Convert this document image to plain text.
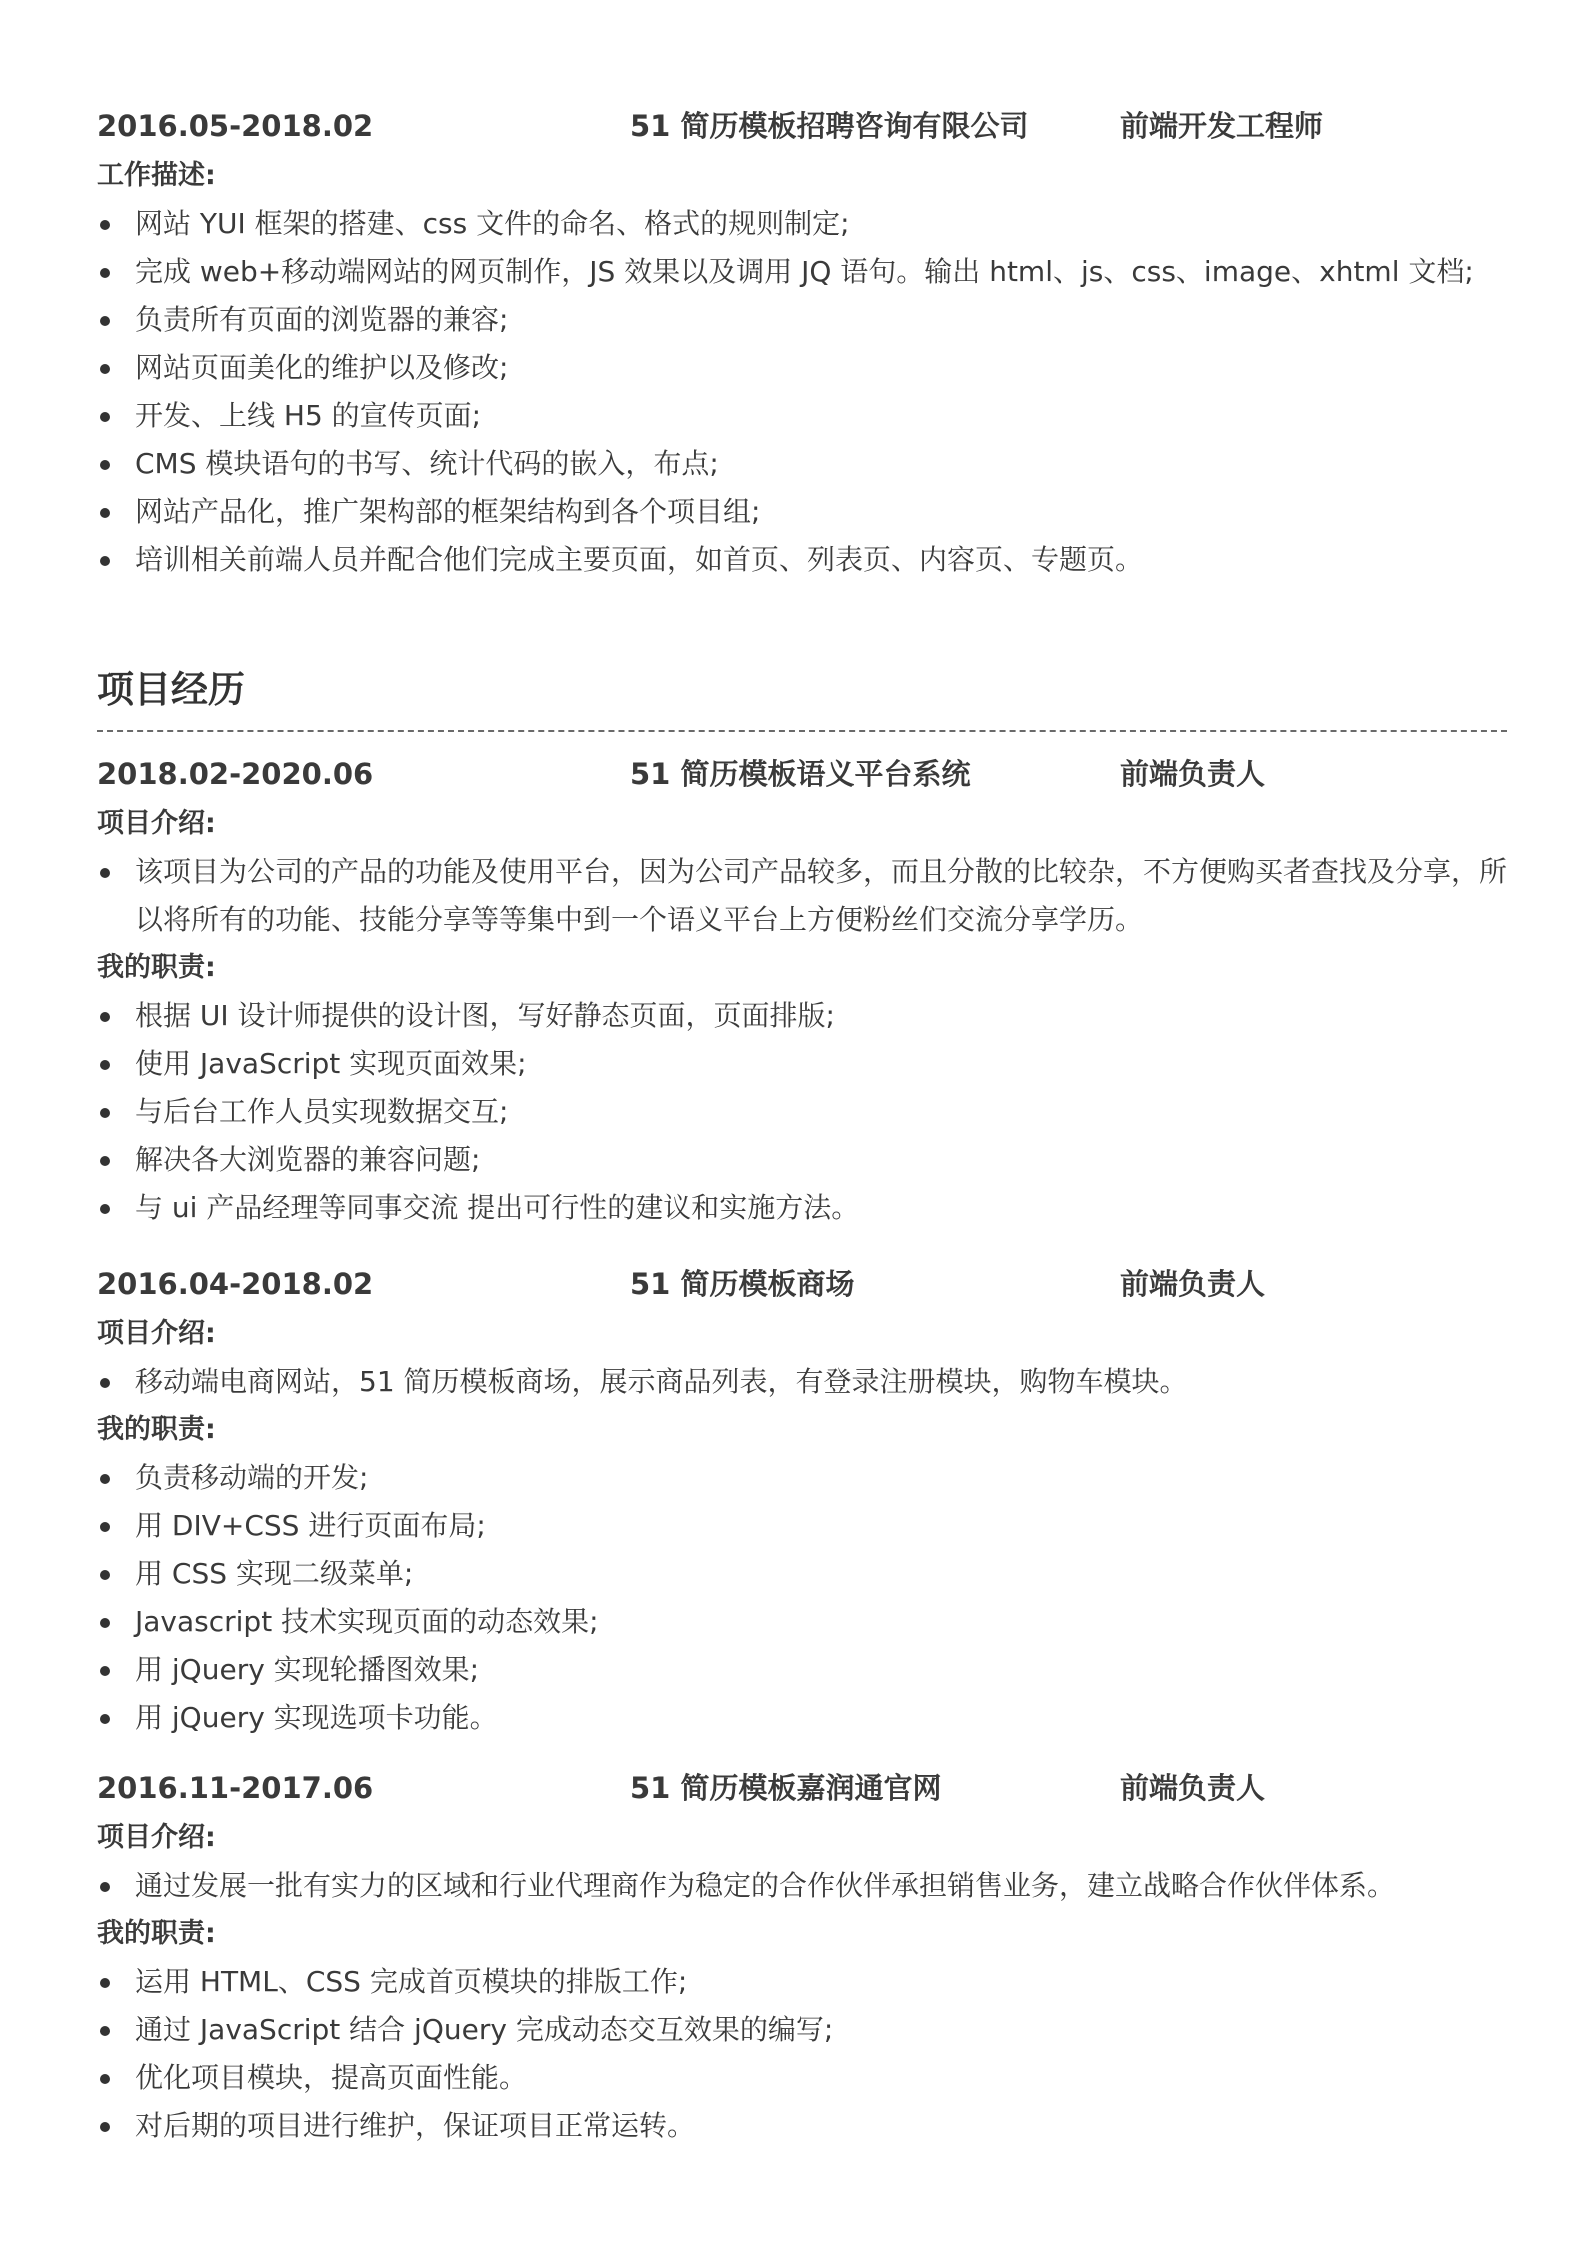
2016.05-2018.02	51 简历模板招聘咨询有限公司	前端开发工程师
工作描述:
网站 YUI 框架的搭建、css 文件的命名、格式的规则制定;
完成 web+移动端网站的网页制作，JS 效果以及调用 JQ 语句。输出 html、js、css、image、xhtml 文档;
负责所有页面的浏览器的兼容;
网站页面美化的维护以及修改;
开发、上线 H5 的宣传页面;
CMS 模块语句的书写、统计代码的嵌入，布点;
网站产品化，推广架构部的框架结构到各个项目组;
培训相关前端人员并配合他们完成主要页面，如首页、列表页、内容页、专题页。
项目经历
2018.02-2020.06	51 简历模板语义平台系统	前端负责人
项目介绍:
该项目为公司的产品的功能及使用平台，因为公司产品较多，而且分散的比较杂，不方便购买者查找及分享，所以将所有的功能、技能分享等等集中到一个语义平台上方便粉丝们交流分享学历。
我的职责:
根据 UI 设计师提供的设计图，写好静态页面，页面排版;
使用 JavaScript 实现页面效果;
与后台工作人员实现数据交互;
解决各大浏览器的兼容问题;
与 ui 产品经理等同事交流 提出可行性的建议和实施方法。
2016.04-2018.02	51 简历模板商场	前端负责人
项目介绍:
移动端电商网站，51 简历模板商场，展示商品列表，有登录注册模块，购物车模块。
我的职责:
负责移动端的开发;
用 DIV+CSS 进行页面布局;
用 CSS 实现二级菜单;
Javascript 技术实现页面的动态效果;
用 jQuery 实现轮播图效果;
用 jQuery 实现选项卡功能。
2016.11-2017.06	51 简历模板嘉润通官网	前端负责人
项目介绍:
通过发展一批有实力的区域和行业代理商作为稳定的合作伙伴承担销售业务，建立战略合作伙伴体系。
我的职责:
运用 HTML、CSS 完成首页模块的排版工作;
通过 JavaScript 结合 jQuery 完成动态交互效果的编写;
优化项目模块，提高页面性能。
对后期的项目进行维护，保证项目正常运转。
